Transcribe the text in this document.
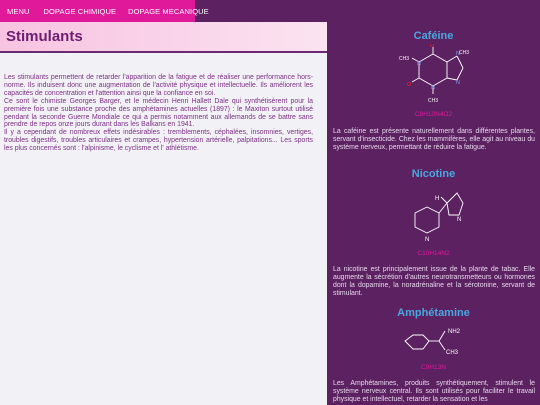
MENU	DOPAGE CHIMIQUE	DOPAGE MECANIQUE
Stimulants

Les stimulants permettent de retarder l'apparition de la fatigue et de réaliser une performance hors-norme. Ils induisent donc une augmentation de l'activité physique et intellectuelle. Ils améliorent les capacités de concentration et l'attention ainsi que la confiance en soi.

Ce sont le chimiste Georges Barger, et le médecin Henri Hallett Dale qui synthétisèrent pour la première fois une substance proche des amphétamines actuelles (1897) : le Maxiton surtout utilisé pendant la seconde Guerre Mondiale ce qui a permis notamment aux allemands de se battre sans prendre de repos onze jours durant dans les Balkans en 1941.

Il y a cependant de nombreux effets indésirables : tremblements, céphalées, insomnies, vertiges, troubles digestifs, troubles articulaires et crampes, hypertension artérielle, palpitations... Les sports les plus concernés sont : l'alpinisme, le cyclisme et l' athlétisme.

Caféine
O
O	N
N
N
N
CH3
CH3
CH3
C8H10N4O2
La caféine est présente naturellement dans différentes plantes, servant d'insecticide. Chez les mammifères, elle agit au niveau du système nerveux, permettant de réduire la fatigue.
Nicotine
H
N
N
C10H14N2
La nicotine est principalement issue de la plante de tabac. Elle augmente la sécrétion d'autres neurotransmetteurs ou hormones dont la dopamine, la noradrénaline et la sérotonine, servant de stimulant.
Amphétamine
NH2
CH3
C9H13N
Les Amphétamines, produits synthétiquement, stimulent le système nerveux central. Ils sont utilisés pour faciliter le travail physique et intellectuel, retarder la sensation et les
